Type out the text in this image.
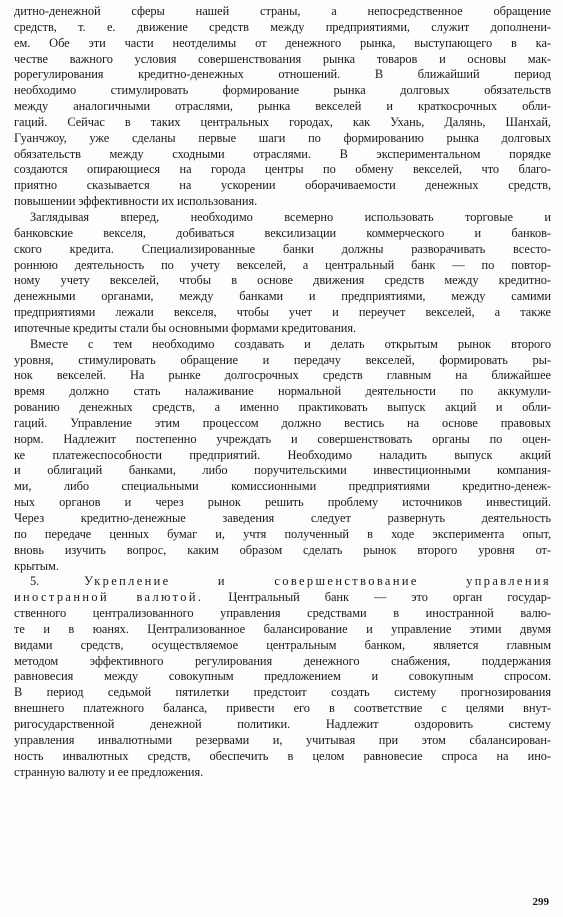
дитно-денежной сферы нашей страны, а непосредственное обращение
средств, т. е. движение средств между предприятиями, служит дополнени-
ем. Обе эти части неотделимы от денежного рынка, выступающего в ка-
честве важного условия совершенствования рынка товаров и основы мак-
рорегулирования кредитно-денежных отношений. В ближайший период
необходимо стимулировать формирование рынка долговых обязательств
между аналогичными отраслями, рынка векселей и краткосрочных обли-
гаций. Сейчас в таких центральных городах, как Ухань, Далянь, Шанхай,
Гуанчжоу, уже сделаны первые шаги по формированию рынка долговых
обязательств между сходными отраслями. В экспериментальном порядке
создаются опирающиеся на города центры по обмену векселей, что благо-
приятно сказывается на ускорении оборачиваемости денежных средств,
повышении эффективности их использования.
Заглядывая вперед, необходимо всемерно использовать торговые и
банковские векселя, добиваться вексилизации коммерческого и банков-
ского кредита. Специализированные банки должны разворачивать всесто-
роннюю деятельность по учету векселей, а центральный банк — по повтор-
ному учету векселей, чтобы в основе движения средств между кредитно-
денежными органами, между банками и предприятиями, между самими
предприятиями лежали векселя, чтобы учет и переучет векселей, а также
ипотечные кредиты стали бы основными формами кредитования.
Вместе с тем необходимо создавать и делать открытым рынок второго
уровня, стимулировать обращение и передачу векселей, формировать ры-
нок векселей. На рынке долгосрочных средств главным на ближайшее
время должно стать налаживание нормальной деятельности по аккумули-
рованию денежных средств, а именно практиковать выпуск акций и обли-
гаций. Управление этим процессом должно вестись на основе правовых
норм. Надлежит постепенно учреждать и совершенствовать органы по оцен-
ке платежеспособности предприятий. Необходимо наладить выпуск акций
и облигаций банками, либо поручительскими инвестиционными компания-
ми, либо специальными комиссионными предприятиями кредитно-денеж-
ных органов и через рынок решить проблему источников инвестиций.
Через кредитно-денежные заведения следует развернуть деятельность
по передаче ценных бумаг и, учтя полученный в ходе эксперимента опыт,
вновь изучить вопрос, каким образом сделать рынок второго уровня от-
крытым.
5.	Укрепление и совершенствование управления
иностранной валютой. Центральный банк — это орган государ-
ственного централизованного управления средствами в иностранной валю-
те и в юанях. Централизованное балансирование и управление этими двумя
видами средств, осуществляемое центральным банком, является главным
методом эффективного регулирования денежного снабжения, поддержания
равновесия между совокупным предложением и совокупным спросом.
В период седьмой пятилетки предстоит создать систему прогнозирования
внешнего платежного баланса, привести его в соответствие с целями внут-
ригосударственной денежной политики. Надлежит оздоровить систему
управления инвалютными резервами и, учитывая при этом сбалансирован-
ность инвалютных средств, обеспечить в целом равновесие спроса на ино-
странную валюту и ее предложения.
299
